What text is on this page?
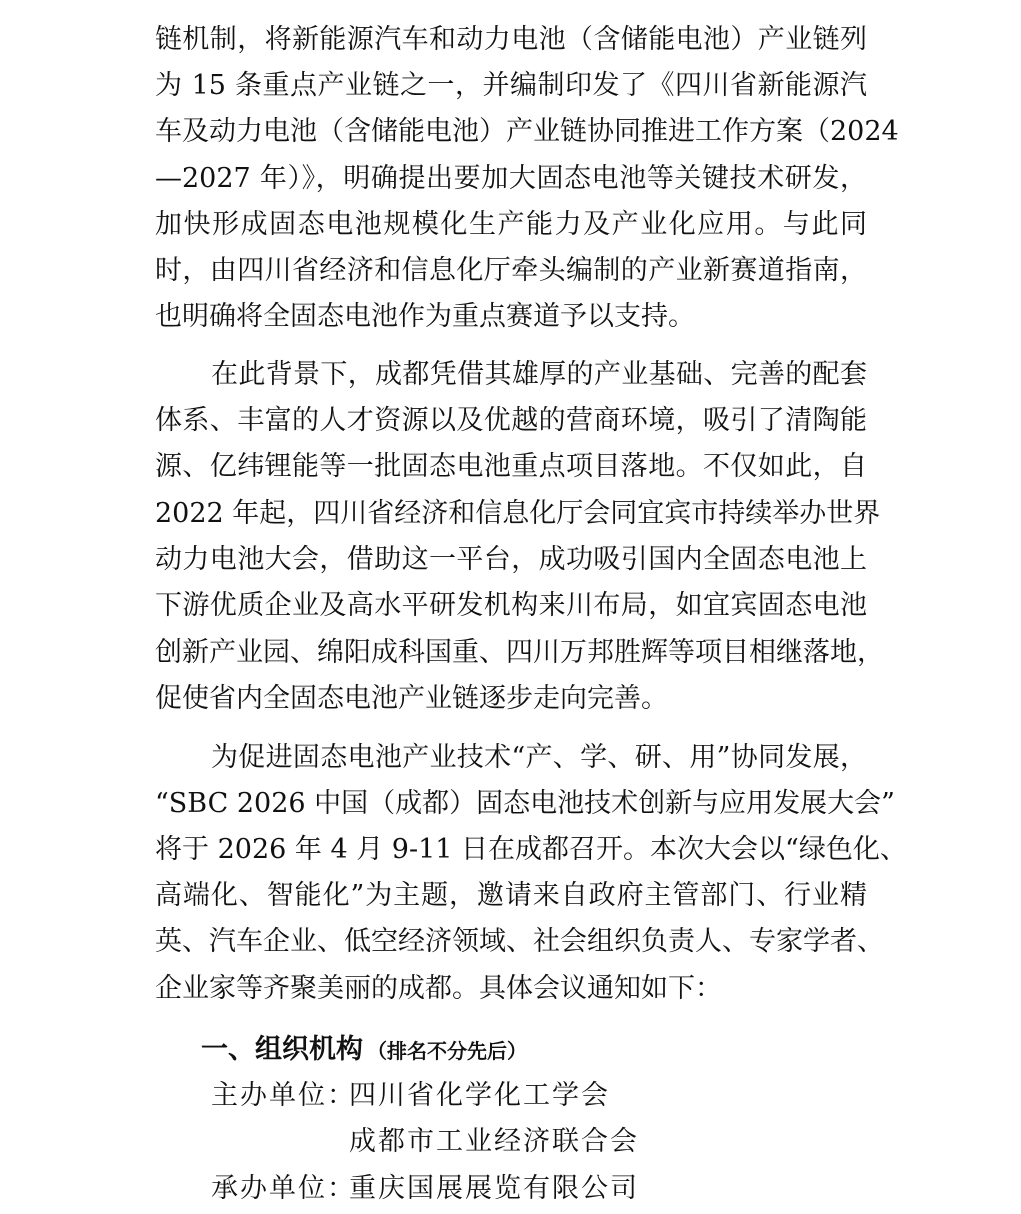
链机制，将新能源汽车和动力电池（含储能电池）产业链列
为 15 条重点产业链之一，并编制印发了《四川省新能源汽
车及动力电池（含储能电池）产业链协同推进工作方案（2024
—2027 年）》，明确提出要加大固态电池等关键技术研发，
加快形成固态电池规模化生产能力及产业化应用。与此同
时，由四川省经济和信息化厅牵头编制的产业新赛道指南，
也明确将全固态电池作为重点赛道予以支持。
在此背景下，成都凭借其雄厚的产业基础、完善的配套
体系、丰富的人才资源以及优越的营商环境，吸引了清陶能
源、亿纬锂能等一批固态电池重点项目落地。不仅如此，自
2022 年起，四川省经济和信息化厅会同宜宾市持续举办世界
动力电池大会，借助这一平台，成功吸引国内全固态电池上
下游优质企业及高水平研发机构来川布局，如宜宾固态电池
创新产业园、绵阳成科国重、四川万邦胜辉等项目相继落地，
促使省内全固态电池产业链逐步走向完善。
为促进固态电池产业技术“产、学、研、用”协同发展，
“SBC 2026 中国（成都）固态电池技术创新与应用发展大会”
将于 2026 年 4 月 9-11 日在成都召开。本次大会以“绿色化、
高端化、智能化”为主题，邀请来自政府主管部门、行业精
英、汽车企业、低空经济领域、社会组织负责人、专家学者、
企业家等齐聚美丽的成都。具体会议通知如下：
一、组织机构 （排名不分先后）
主办单位：
四川省化学化工学会
成都市工业经济联合会
承办单位：
重庆国展展览有限公司
